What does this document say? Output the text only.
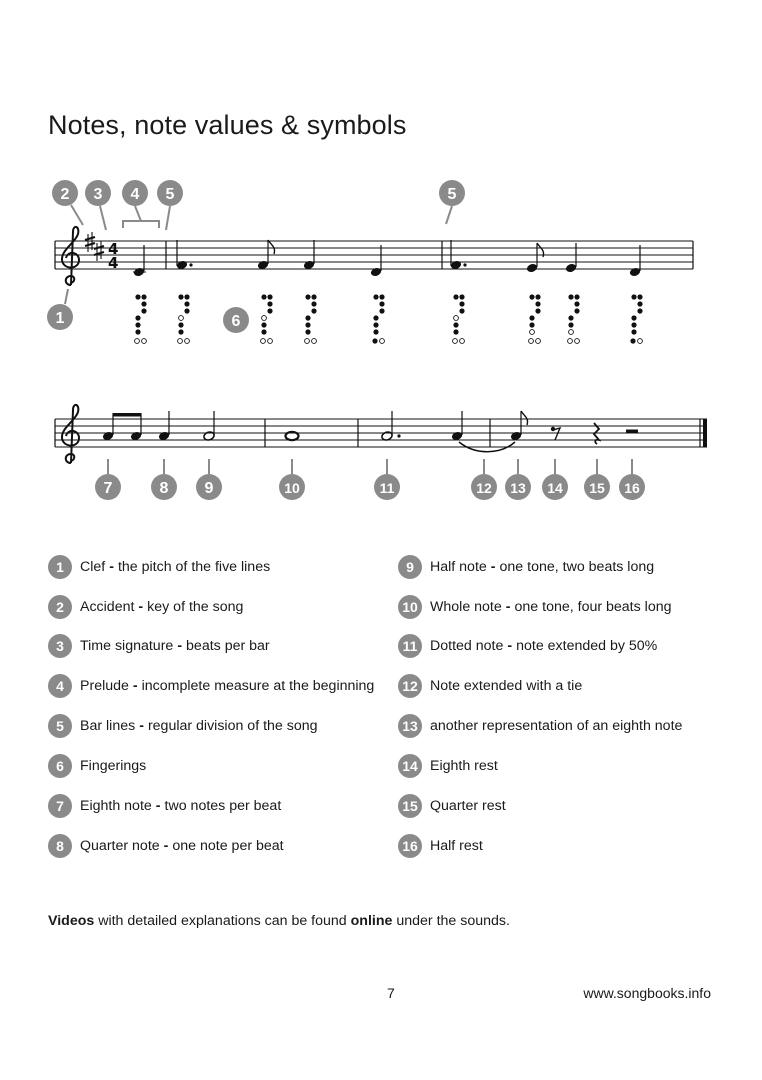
Notes, note values & symbols
4
4
2 3 4 5	5
1	6
7	8 9	10	11	12 13 14 15 16
1	Clef - the pitch of the five lines
2	Accident - key of the song
3	Time signature - beats per bar
4	Prelude - incomplete measure at the beginning
5	Bar lines - regular division of the song
6	Fingerings
7	Eighth note - two notes per beat
8	Quarter note - one note per beat
9	Half note - one tone, two beats long
10 Whole note - one tone, four beats long
11 Dotted note - note extended by 50%
12 Note extended with a tie
13 another representation of an eighth note
14 Eighth rest
15 Quarter rest
16 Half rest
Videos with detailed explanations can be found online under the sounds.
7	www.songbooks.info
